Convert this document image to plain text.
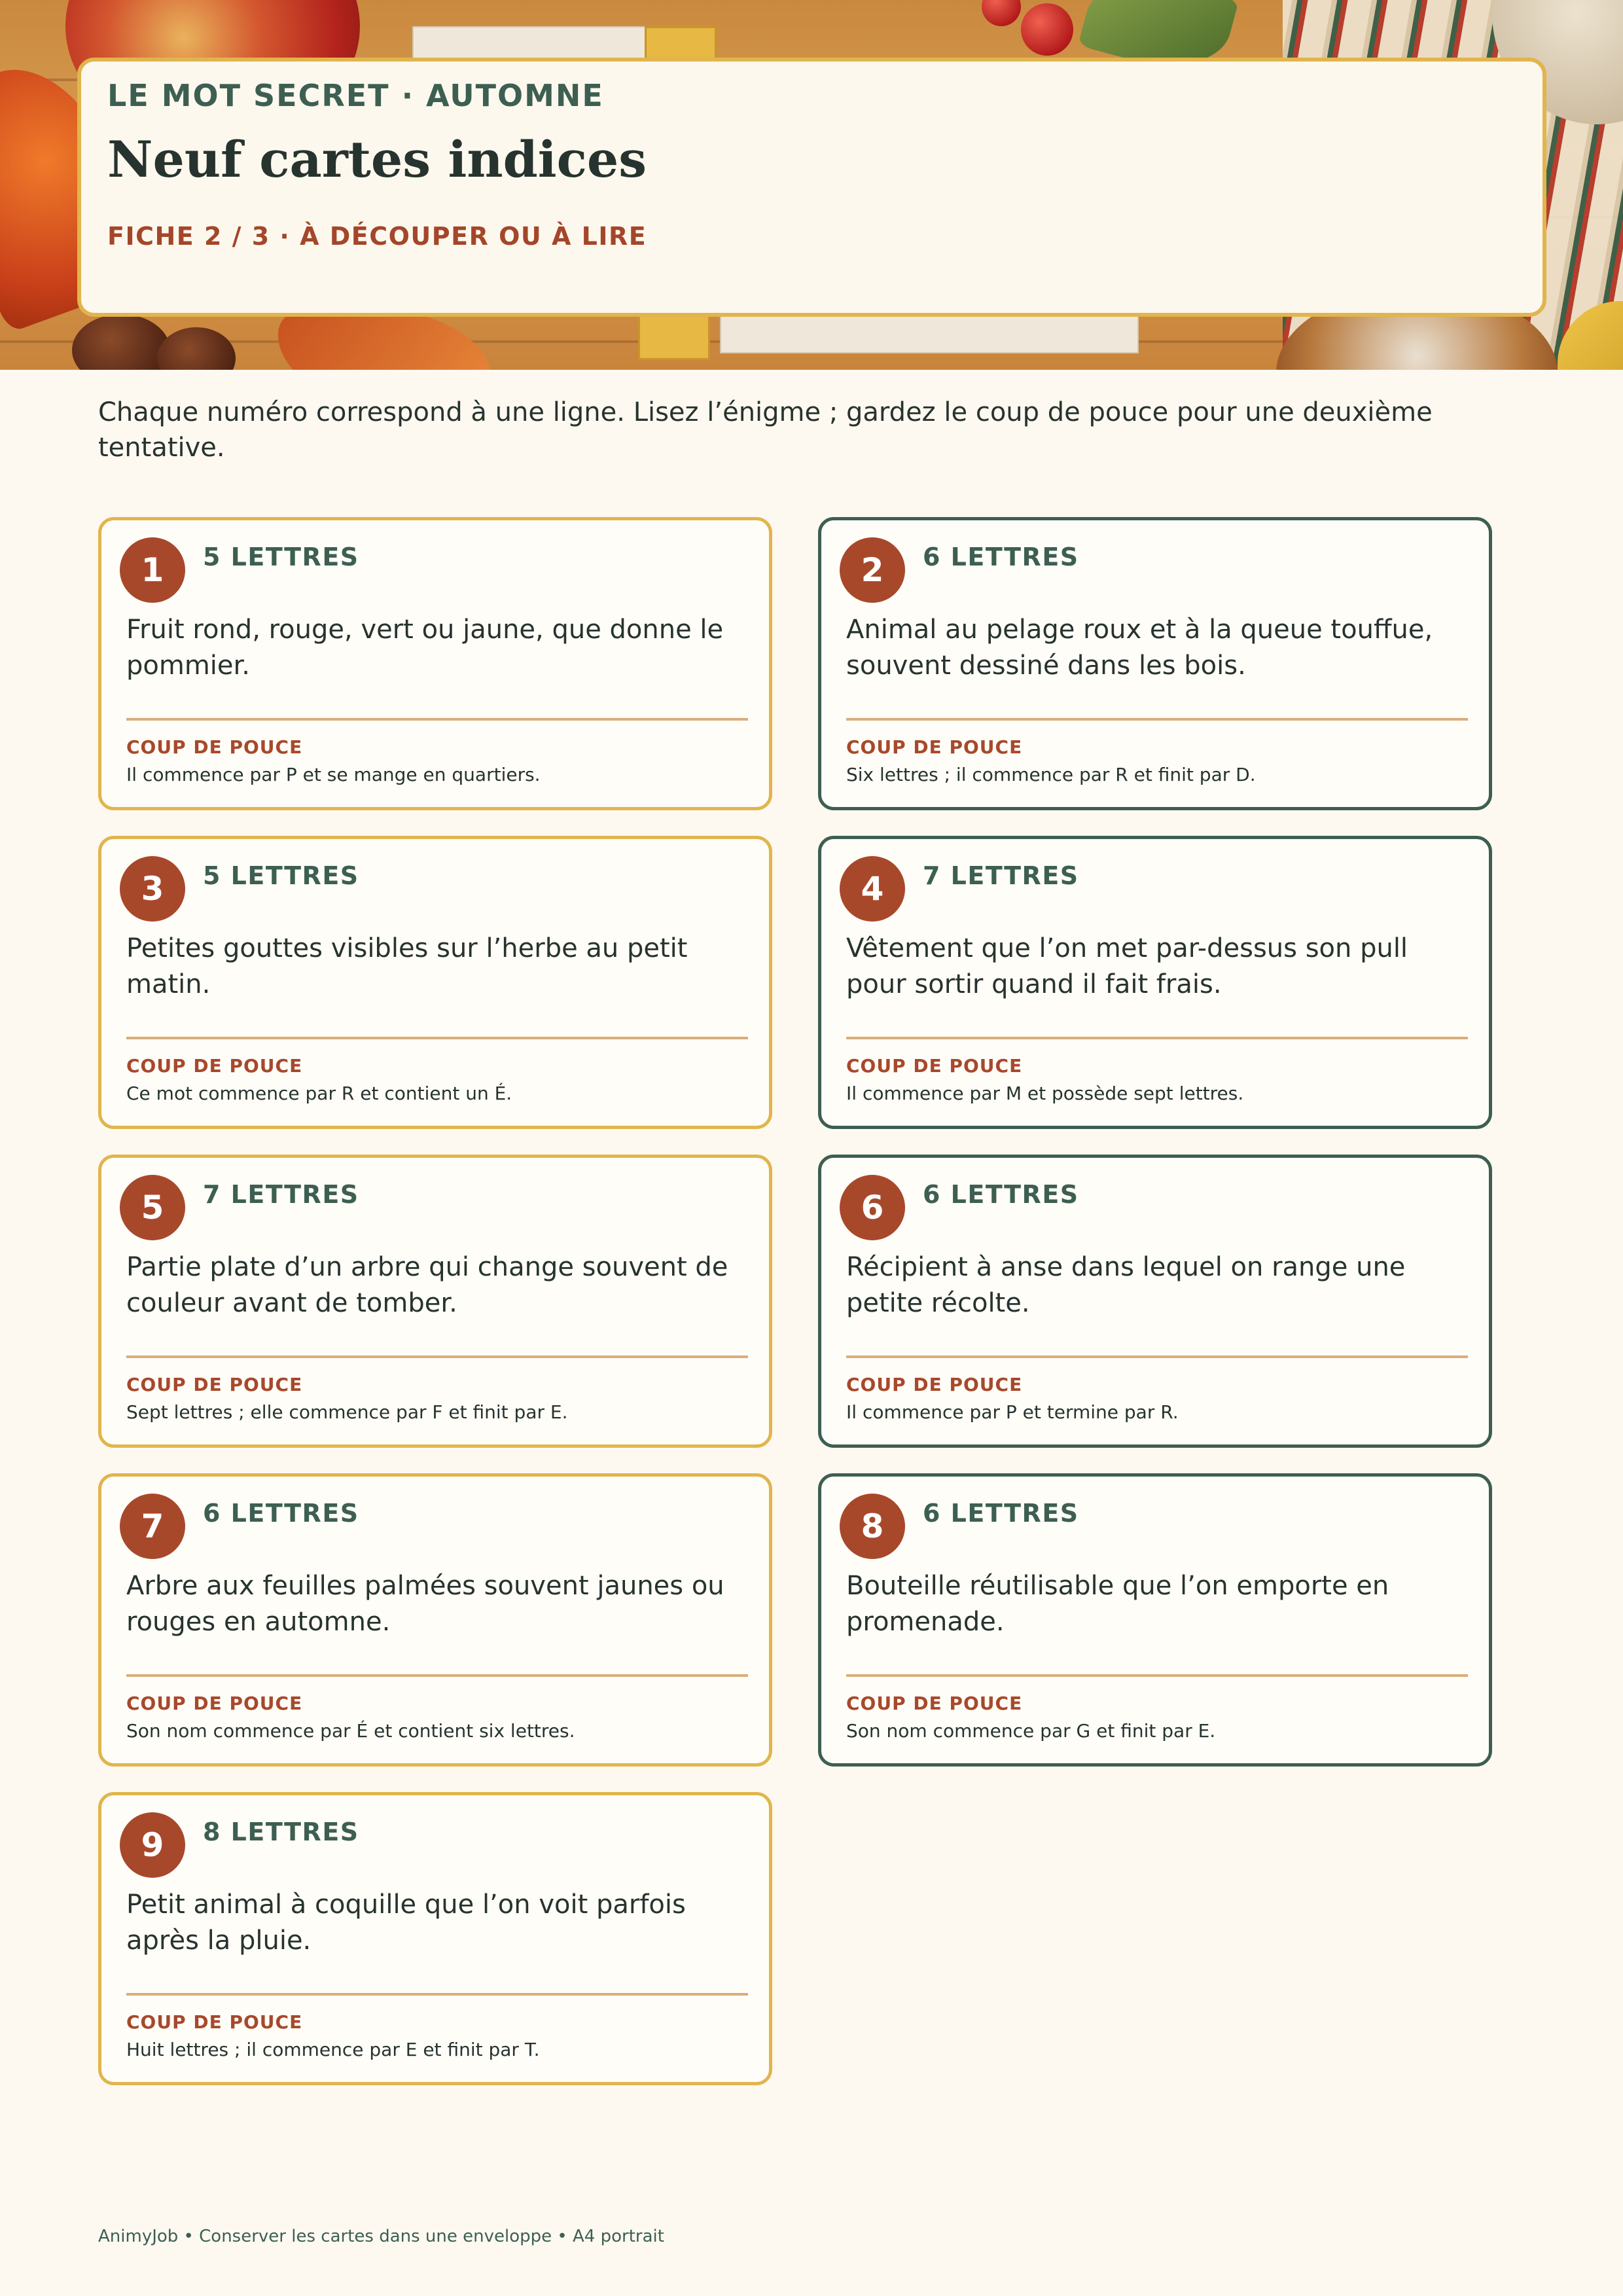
LE MOT SECRET · AUTOMNE
Neuf cartes indices
FICHE 2 / 3 · À DÉCOUPER OU À LIRE

Chaque numéro correspond à une ligne. Lisez l’énigme ; gardez le coup de pouce pour une deuxième tentative.

1	5 LETTRES
Fruit rond, rouge, vert ou jaune, que donne le pommier.
COUP DE POUCE
Il commence par P et se mange en quartiers.
2	6 LETTRES
Animal au pelage roux et à la queue touffue, souvent dessiné dans les bois.
COUP DE POUCE
Six lettres ; il commence par R et finit par D.
3	5 LETTRES
Petites gouttes visibles sur l’herbe au petit matin.
COUP DE POUCE
Ce mot commence par R et contient un É.
4	7 LETTRES
Vêtement que l’on met par-dessus son pull pour sortir quand il fait frais.
COUP DE POUCE
Il commence par M et possède sept lettres.
5	7 LETTRES
Partie plate d’un arbre qui change souvent de couleur avant de tomber.
COUP DE POUCE
Sept lettres ; elle commence par F et finit par E.
6	6 LETTRES
Récipient à anse dans lequel on range une petite récolte.
COUP DE POUCE
Il commence par P et termine par R.
7	6 LETTRES
Arbre aux feuilles palmées souvent jaunes ou rouges en automne.
COUP DE POUCE
Son nom commence par É et contient six lettres.
8	6 LETTRES
Bouteille réutilisable que l’on emporte en promenade.
COUP DE POUCE
Son nom commence par G et finit par E.
9	8 LETTRES
Petit animal à coquille que l’on voit parfois après la pluie.
COUP DE POUCE
Huit lettres ; il commence par E et finit par T.
AnimyJob • Conserver les cartes dans une enveloppe • A4 portrait
